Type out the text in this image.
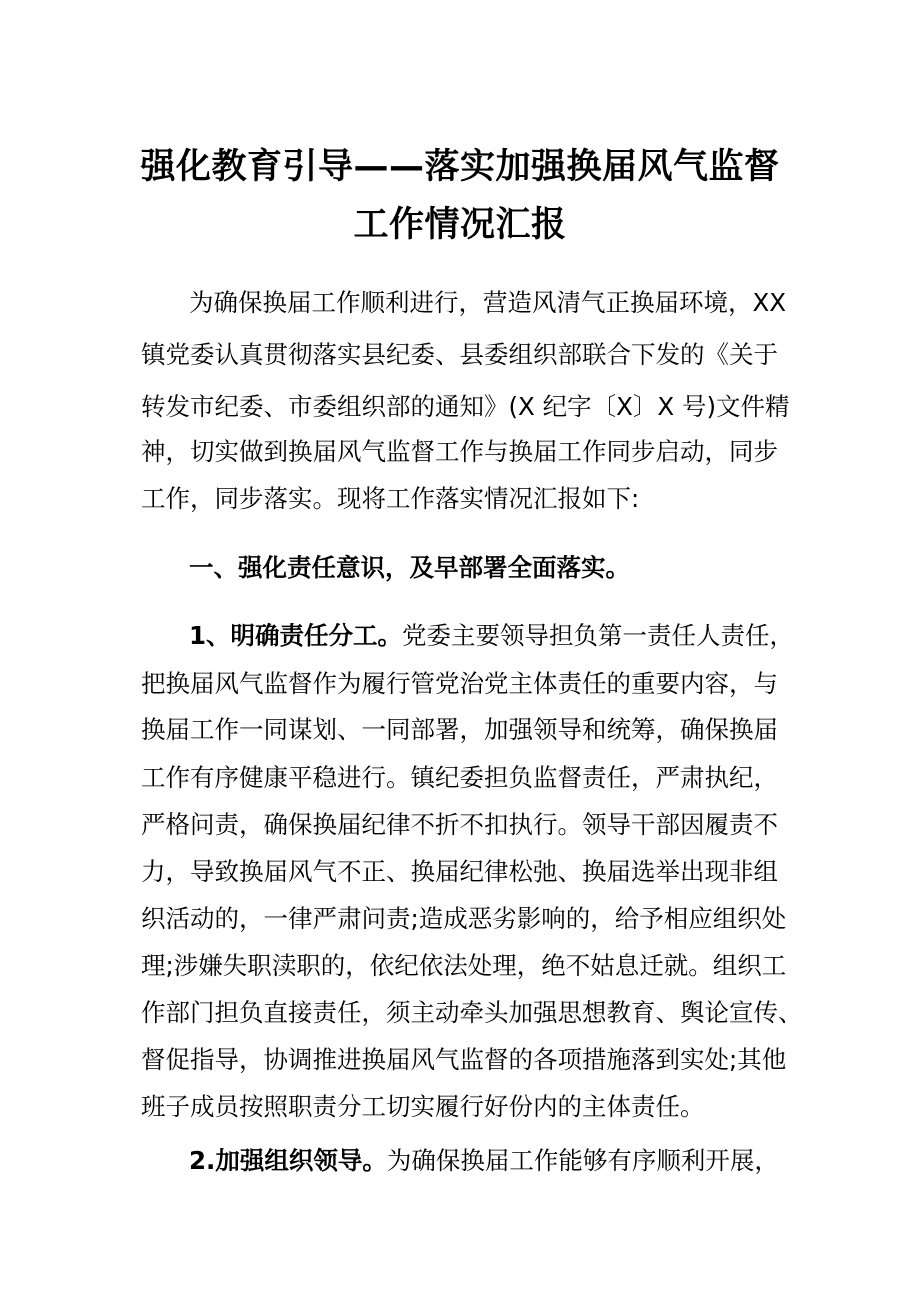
强化教育引导——落实加强换届风气监督
工作情况汇报
为确保换届工作顺利进行，营造风清气正换届环境，XX
镇党委认真贯彻落实县纪委、县委组织部联合下发的《关于
转发市纪委、市委组织部的通知》(X 纪字〔X〕X 号)文件精
神，切实做到换届风气监督工作与换届工作同步启动，同步
工作，同步落实。现将工作落实情况汇报如下:
一、强化责任意识，及早部署全面落实。
1、明确责任分工。党委主要领导担负第一责任人责任，
把换届风气监督作为履行管党治党主体责任的重要内容，与
换届工作一同谋划、一同部署，加强领导和统筹，确保换届
工作有序健康平稳进行。镇纪委担负监督责任，严肃执纪，
严格问责，确保换届纪律不折不扣执行。领导干部因履责不
力，导致换届风气不正、换届纪律松弛、换届选举出现非组
织活动的，一律严肃问责;造成恶劣影响的，给予相应组织处
理;涉嫌失职渎职的，依纪依法处理，绝不姑息迁就。组织工
作部门担负直接责任，须主动牵头加强思想教育、舆论宣传、
督促指导，协调推进换届风气监督的各项措施落到实处;其他
班子成员按照职责分工切实履行好份内的主体责任。
2.加强组织领导。为确保换届工作能够有序顺利开展，
